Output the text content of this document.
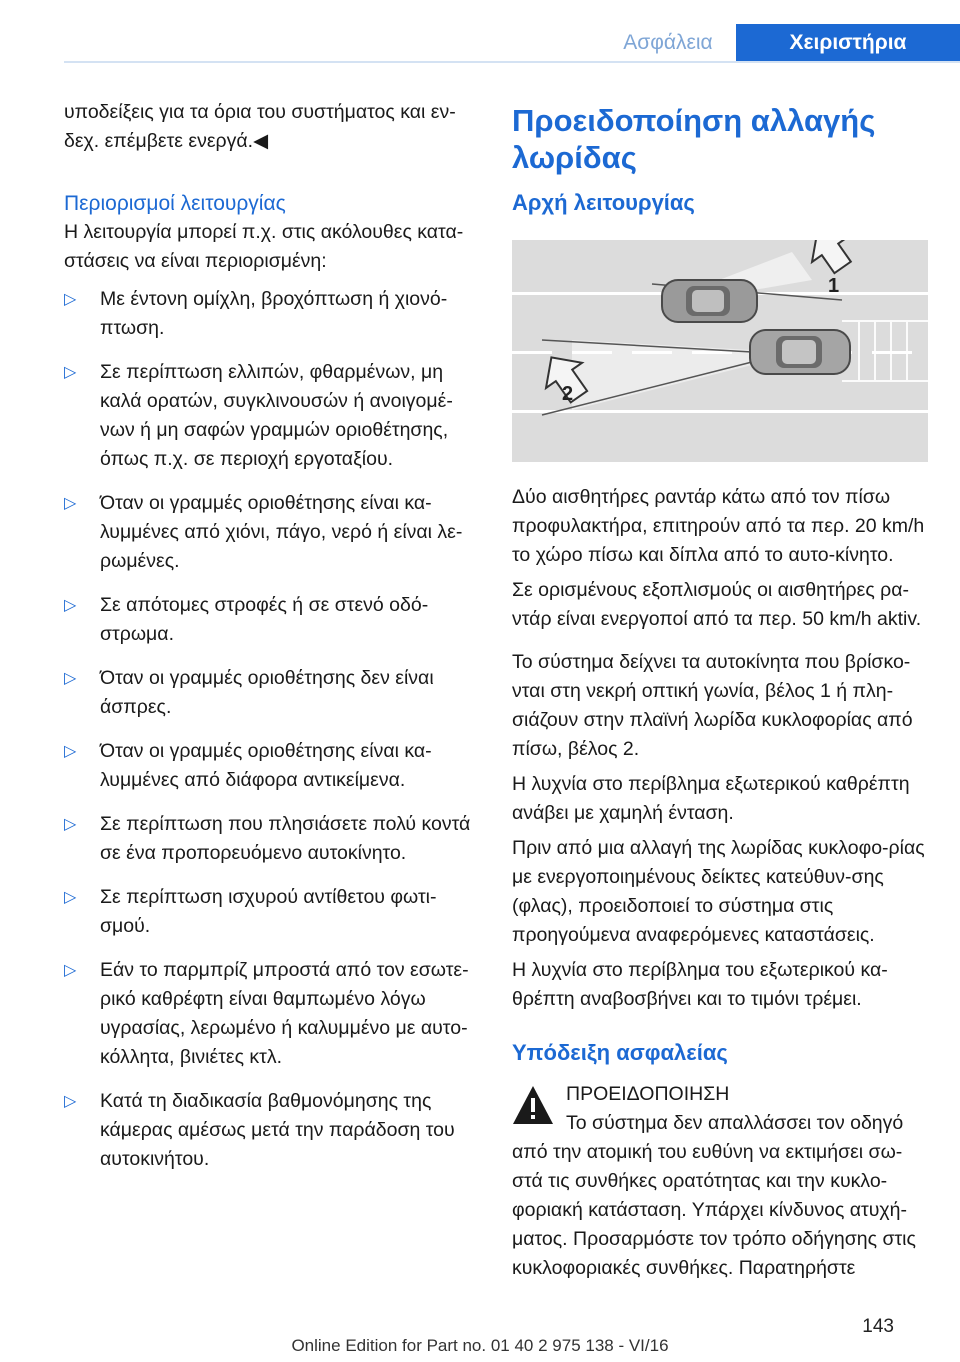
Ασφάλεια	Χειριστήρια

υποδείξεις για τα όρια του συστήματος και εν‐δεχ. επέμβετε ενεργά.◀

Περιορισμοί λειτουργίας

Η λειτουργία μπορεί π.χ. στις ακόλουθες κατα‐στάσεις να είναι περιορισμένη:

▷ Με έντονη ομίχλη, βροχόπτωση ή χιονό‐πτωση.
▷ Σε περίπτωση ελλιπών, φθαρμένων, μη καλά ορατών, συγκλινουσών ή ανοιγομέ‐νων ή μη σαφών γραμμών οριοθέτησης, όπως π.χ. σε περιοχή εργοταξίου.
▷ Όταν οι γραμμές οριοθέτησης είναι κα‐λυμμένες από χιόνι, πάγο, νερό ή είναι λε‐ρωμένες.
▷ Σε απότομες στροφές ή σε στενό οδό‐στρωμα.
▷ Όταν οι γραμμές οριοθέτησης δεν είναι άσπρες.
▷ Όταν οι γραμμές οριοθέτησης είναι κα‐λυμμένες από διάφορα αντικείμενα.
▷ Σε περίπτωση που πλησιάσετε πολύ κοντά σε ένα προπορευόμενο αυτοκίνητο.
▷ Σε περίπτωση ισχυρού αντίθετου φωτι‐σμού.
▷ Εάν το παρμπρίζ μπροστά από τον εσωτε‐ρικό καθρέφτη είναι θαμπωμένο λόγω υγρασίας, λερωμένο ή καλυμμένο με αυτο‐κόλλητα, βινιέτες κτλ.
▷ Κατά τη διαδικασία βαθμονόμησης της κάμερας αμέσως μετά την παράδοση του αυτοκινήτου.
Προειδοποίηση αλλαγής λωρίδας
Αρχή λειτουργίας
1
2

Δύο αισθητήρες ραντάρ κάτω από τον πίσω προφυλακτήρα, επιτηρούν από τα περ. 20 km/h το χώρο πίσω και δίπλα από το αυτο‐κίνητο.

Σε ορισμένους εξοπλισμούς οι αισθητήρες ρα‐ντάρ είναι ενεργοποί από τα περ. 50 km/h aktiv.

Το σύστημα δείχνει τα αυτοκίνητα που βρίσκο‐νται στη νεκρή οπτική γωνία, βέλος 1 ή πλη‐σιάζουν στην πλαϊνή λωρίδα κυκλοφορίας από πίσω, βέλος 2.

Η λυχνία στο περίβλημα εξωτερικού καθρέπτη ανάβει με χαμηλή ένταση.

Πριν από μια αλλαγή της λωρίδας κυκλοφο‐ρίας με ενεργοποιημένους δείκτες κατεύθυν‐σης (φλας), προειδοποιεί το σύστημα στις προηγούμενα αναφερόμενες καταστάσεις.

Η λυχνία στο περίβλημα του εξωτερικού κα‐θρέπτη αναβοσβήνει και το τιμόνι τρέμει.

Υπόδειξη ασφαλείας

ΠΡΟΕΙΔΟΠΟΙΗΣΗ

Το σύστημα δεν απαλλάσσει τον οδηγό από την ατομική του ευθύνη να εκτιμήσει σω‐στά τις συνθήκες ορατότητας και την κυκλο‐φοριακή κατάσταση. Υπάρχει κίνδυνος ατυχή‐ματος. Προσαρμόστε τον τρόπο οδήγησης στις κυκλοφοριακές συνθήκες. Παρατηρήστε

143
Online Edition for Part no. 01 40 2 975 138 - VI/16
